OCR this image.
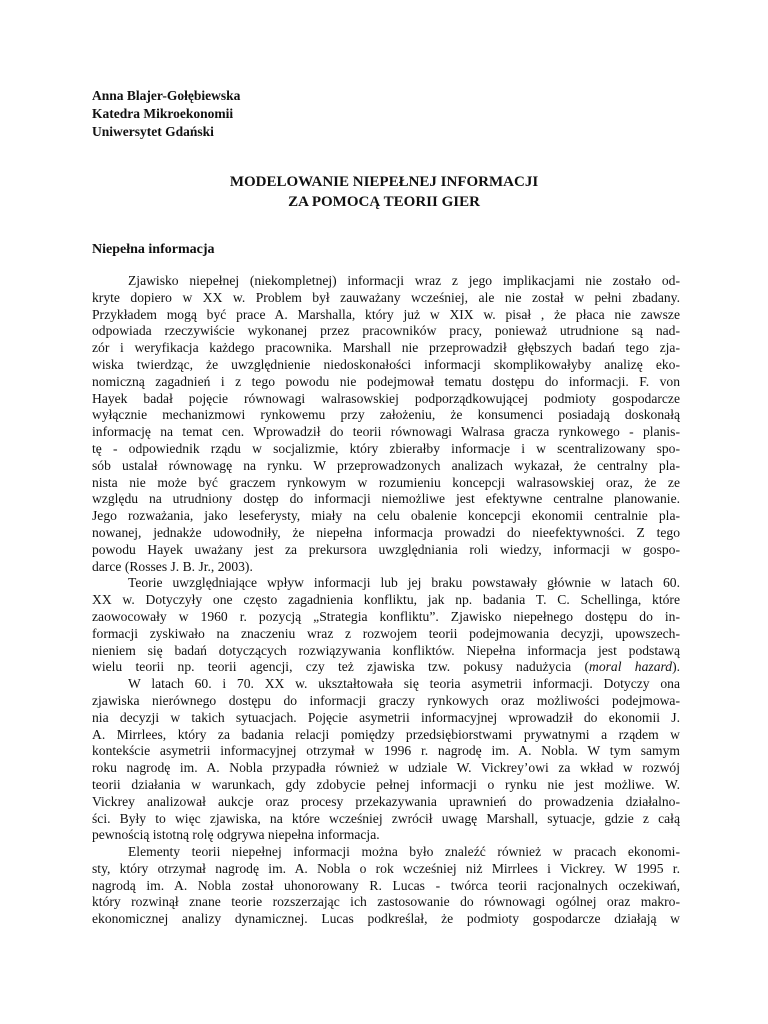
Anna Blajer-Gołębiewska
Katedra Mikroekonomii
Uniwersytet Gdański
MODELOWANIE NIEPEŁNEJ INFORMACJI
ZA POMOCĄ TEORII GIER
Niepełna informacja
Zjawisko niepełnej (niekompletnej) informacji wraz z jego implikacjami nie zostało od-
kryte dopiero w XX w. Problem był zauważany wcześniej, ale nie został w pełni zbadany.
Przykładem mogą być prace A. Marshalla, który już w XIX w. pisał , że płaca nie zawsze
odpowiada rzeczywiście wykonanej przez pracowników pracy, ponieważ utrudnione są nad-
zór i weryfikacja każdego pracownika. Marshall nie przeprowadził głębszych badań tego zja-
wiska twierdząc, że uwzględnienie niedoskonałości informacji skomplikowałyby analizę eko-
nomiczną zagadnień i z tego powodu nie podejmował tematu dostępu do informacji. F. von
Hayek badał pojęcie równowagi walrasowskiej podporządkowującej podmioty gospodarcze
wyłącznie mechanizmowi rynkowemu przy założeniu, że konsumenci posiadają doskonałą
informację na temat cen. Wprowadził do teorii równowagi Walrasa gracza rynkowego - planis-
tę - odpowiednik rządu w socjalizmie, który zbierałby informacje i w scentralizowany spo-
sób ustalał równowagę na rynku. W przeprowadzonych analizach wykazał, że centralny pla-
nista nie może być graczem rynkowym w rozumieniu koncepcji walrasowskiej oraz, że ze
względu na utrudniony dostęp do informacji niemożliwe jest efektywne centralne planowanie.
Jego rozważania, jako leseferysty, miały na celu obalenie koncepcji ekonomii centralnie pla-
nowanej, jednakże udowodniły, że niepełna informacja prowadzi do nieefektywności. Z tego
powodu Hayek uważany jest za prekursora uwzględniania roli wiedzy, informacji w gospo-
darce (Rosses J. B. Jr., 2003).
Teorie uwzględniające wpływ informacji lub jej braku powstawały głównie w latach 60.
XX w. Dotyczyły one często zagadnienia konfliktu, jak np. badania T. C. Schellinga, które
zaowocowały w 1960 r. pozycją „Strategia konfliktu”. Zjawisko niepełnego dostępu do in-
formacji zyskiwało na znaczeniu wraz z rozwojem teorii podejmowania decyzji, upowszech-
nieniem się badań dotyczących rozwiązywania konfliktów. Niepełna informacja jest podstawą
wielu teorii np. teorii agencji, czy też zjawiska tzw. pokusy nadużycia (moral hazard).
W latach 60. i 70. XX w. ukształtowała się teoria asymetrii informacji. Dotyczy ona
zjawiska nierównego dostępu do informacji graczy rynkowych oraz możliwości podejmowa-
nia decyzji w takich sytuacjach. Pojęcie asymetrii informacyjnej wprowadził do ekonomii J.
A. Mirrlees, który za badania relacji pomiędzy przedsiębiorstwami prywatnymi a rządem w
kontekście asymetrii informacyjnej otrzymał w 1996 r. nagrodę im. A. Nobla. W tym samym
roku nagrodę im. A. Nobla przypadła również w udziale W. Vickrey’owi za wkład w rozwój
teorii działania w warunkach, gdy zdobycie pełnej informacji o rynku nie jest możliwe. W.
Vickrey analizował aukcje oraz procesy przekazywania uprawnień do prowadzenia działalno-
ści. Były to więc zjawiska, na które wcześniej zwrócił uwagę Marshall, sytuacje, gdzie z całą
pewnością istotną rolę odgrywa niepełna informacja.
Elementy teorii niepełnej informacji można było znaleźć również w pracach ekonomi-
sty, który otrzymał nagrodę im. A. Nobla o rok wcześniej niż Mirrlees i Vickrey. W 1995 r.
nagrodą im. A. Nobla został uhonorowany R. Lucas - twórca teorii racjonalnych oczekiwań,
który rozwinął znane teorie rozszerzając ich zastosowanie do równowagi ogólnej oraz makro-
ekonomicznej analizy dynamicznej. Lucas podkreślał, że podmioty gospodarcze działają w
